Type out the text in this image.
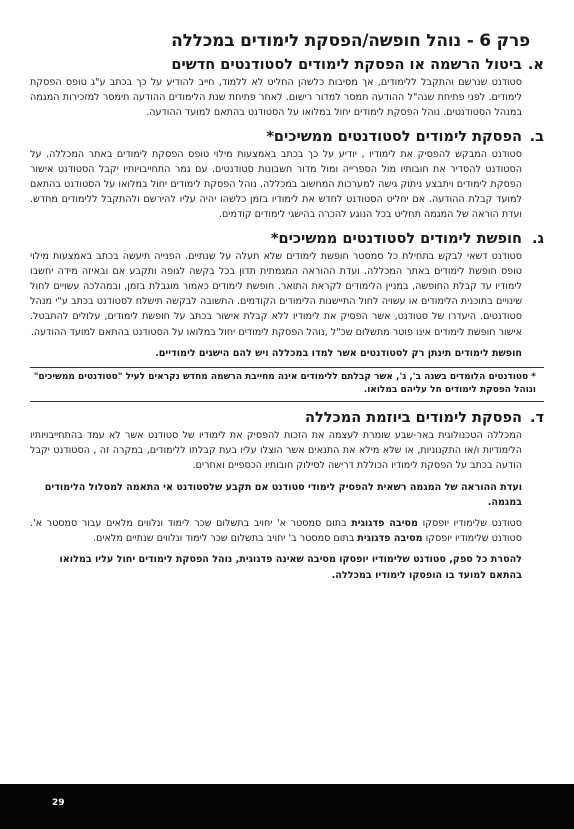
פרק 6 - נוהל חופשה/הפסקת לימודים במכללה
א.
ביטול הרשמה או הפסקת לימודים לסטודנטים חדשים

סטודנט שנרשם והתקבל ללימודים, אך מסיבות כלשהן החליט לא ללמוד, חייב להודיע על כך בכתב ע"ג טופס הפסקת לימודים. לפני פתיחת שנה"ל ההודעה תמסר למדור רישום. לאחר פתיחת שנת הלימודים ההודעה תימסר למזכירות המגמה במנהל הסטודנטים. נוהל הפסקת לימודים יחול במלואו על הסטודנט בהתאם למועד ההודעה.

ב.
הפסקת לימודים לסטודנטים ממשיכים*

סטודנט המבקש להפסיק את לימודיו , יודיע על כך בכתב באמצעות מילוי טופס הפסקת לימודים באתר המכללה. על הסטודנט להסדיר את חובותיו מול הספרייה ומול מדור חשבונות סטודנטים. עם גמר התחייבויותיו יקבל הסטודנט אישור הפסקת לימודים ויתבצע ניתוק גישה למערכות המחשוב במכללה. נוהל הפסקת לימודים יחול במלואו על הסטודנט בהתאם למועד קבלת ההודעה. אם יחליט הסטודנט לחדש את לימודיו בזמן כלשהו יהיה עליו להירשם ולהתקבל ללימודים מחדש. ועדת הוראה של המגמה תחליט בכל הנוגע להכרה בהישגי לימודים קודמים.

ג.
חופשת לימודים לסטודנטים ממשיכים*

סטודנט דשאי לבקש בתחילת כל סמסטר חופשת לימודים שלא תעלה על שנתיים. הפנייה תיעשה בכתב באמצעות מילוי טופס חופשת לימודים באתר המכללה. ועדת ההוראה המגמתית תדון בכל בקשה לגופה ותקבע אם ובאיזה מידה יחשבו לימודיו עד קבלת החופשה, במניין הלימודים לקראת התואר. חופשת לימודים כאמור מוגבלת בזמן, ובמהלכה עשויים לחול שינויים בתוכנית הלימודים או עשויה לחול התיישנות הלימודים הקודמים. התשובה לבקשה תישלח לסטודנט בכתב ע"י מנהל סטודנטים. היעדרו של סטודנט, אשר הפסיק את לימודיו ללא קבלת אישור בכתב על חופשת לימודים, עלולים להתבטל. אישור חופשת לימודים אינו פוטר מתשלום שכ"ל ,נוהל הפסקת לימודים יחול במלואו על הסטודנט בהתאם למועד ההודעה.

חופשת לימודים תינתן רק לסטודנטים אשר למדו במכללה ויש להם הישגים לימודיים.

* סטודנטים הלומדים בשנה ב', ג', אשר קבלתם ללימודים אינה מחייבת הרשמה מחדש נקראים לעיל "סטודנטים ממשיכים" ונוהל הפסקת לימודים חל עליהם במלואו.

ד.
הפסקת לימודים ביוזמת המכללה

המכללה הטכנולוגית באר-שבע שומרת לעצמה את הזכות להפסיק את לימודיו של סטודנט אשר לא עמד בהתחייבויותיו הלימודיות ו/או התקנוניות, או שלא מילא את התנאים אשר הוצלו עליו בעת קבלתו ללימודים, במקרה זה , הסטודנט יקבל הודעה בכתב על הפסקת לימודיו הכוללת דרישה לסילוק חובותיו הכספיים ואחרים.

ועדת ההוראה של המגמה רשאית להפסיק לימודי סטודנט אם תקבע שלסטודנט אי התאמה למסלול הלימודים במגמה.

סטודנט שלימודיו יופסקו מסיבה פדגוגית בתום סמסטר א' יחויב בתשלום שכר לימוד ונלווים מלאים עבור סמסטר א'. סטודנט שלימודיו יופסקו מסיבה פדגוגית בתום סמסטר ב' יחויב בתשלום שכר לימוד ונלווים שנתיים מלאים.

להסרת כל ספק, סטודנט שלימודיו יופסקו מסיבה שאינה פדגוגית, נוהל הפסקת לימודים יחול עליו במלואו בהתאם למועד בו הופסקו לימודיו במכללה.

29
